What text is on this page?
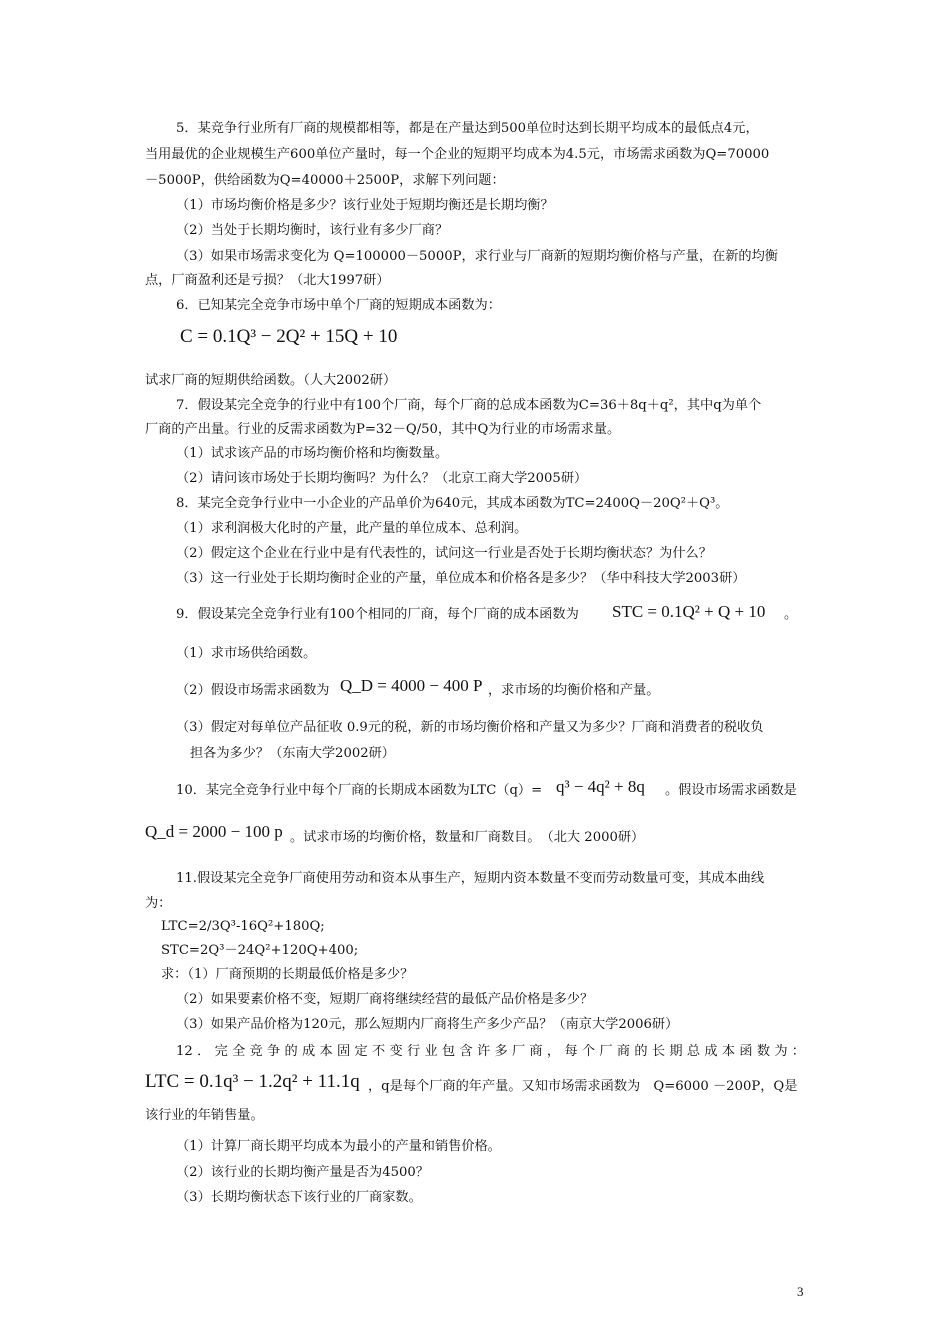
5．某竞争行业所有厂商的规模都相等，都是在产量达到500单位时达到长期平均成本的最低点4元，
当用最优的企业规模生产600单位产量时，每一个企业的短期平均成本为4.5元，市场需求函数为Q=70000
－5000P，供给函数为Q=40000＋2500P，求解下列问题：
（1）市场均衡价格是多少？该行业处于短期均衡还是长期均衡？
（2）当处于长期均衡时，该行业有多少厂商？
（3）如果市场需求变化为 Q=100000－5000P，求行业与厂商新的短期均衡价格与产量，在新的均衡
点，厂商盈利还是亏损？（北大1997研）
6．已知某完全竞争市场中单个厂商的短期成本函数为：
C = 0.1Q³ − 2Q² + 15Q + 10
试求厂商的短期供给函数。（人大2002研）
7．假设某完全竞争的行业中有100个厂商，每个厂商的总成本函数为C=36＋8q＋q²，其中q为单个
厂商的产出量。行业的反需求函数为P=32－Q/50，其中Q为行业的市场需求量。
（1）试求该产品的市场均衡价格和均衡数量。
（2）请问该市场处于长期均衡吗？为什么？（北京工商大学2005研）
8．某完全竞争行业中一小企业的产品单价为640元，其成本函数为TC=2400Q－20Q²＋Q³。
（1）求利润极大化时的产量，此产量的单位成本、总利润。
（2）假定这个企业在行业中是有代表性的，试问这一行业是否处于长期均衡状态？为什么？
（3）这一行业处于长期均衡时企业的产量，单位成本和价格各是多少？（华中科技大学2003研）
9．假设某完全竞争行业有100个相同的厂商，每个厂商的成本函数为 STC = 0.1Q² + Q + 10 。
（1）求市场供给函数。
（2）假设市场需求函数为 Q_D = 4000 − 400 P ，求市场的均衡价格和产量。
（3）假定对每单位产品征收 0.9元的税，新的市场均衡价格和产量又为多少？厂商和消费者的税收负
担各为多少？（东南大学2002研）
10．某完全竞争行业中每个厂商的长期成本函数为LTC（q）= q³ − 4q² + 8q 。假设市场需求函数是
Q_d = 2000 − 100 p 。试求市场的均衡价格，数量和厂商数目。　（北大 2000研）
11.假设某完全竞争厂商使用劳动和资本从事生产，短期内资本数量不变而劳动数量可变，其成本曲线
为：
LTC=2/3Q³-16Q²+180Q;
STC=2Q³－24Q²+120Q+400;
求：（1）厂商预期的长期最低价格是多少？
（2）如果要素价格不变，短期厂商将继续经营的最低产品价格是多少？
（3）如果产品价格为120元，那么短期内厂商将生产多少产品？（南京大学2006研）
12．完全竞争的成本固定不变行业包含许多厂商，每个厂商的长期总成本函数为：
LTC = 0.1q³ − 1.2q² + 11.1q ，q是每个厂商的年产量。又知市场需求函数为　Q=6000 －200P，Q是
该行业的年销售量。
（1）计算厂商长期平均成本为最小的产量和销售价格。
（2）该行业的长期均衡产量是否为4500？
（3）长期均衡状态下该行业的厂商家数。
3
